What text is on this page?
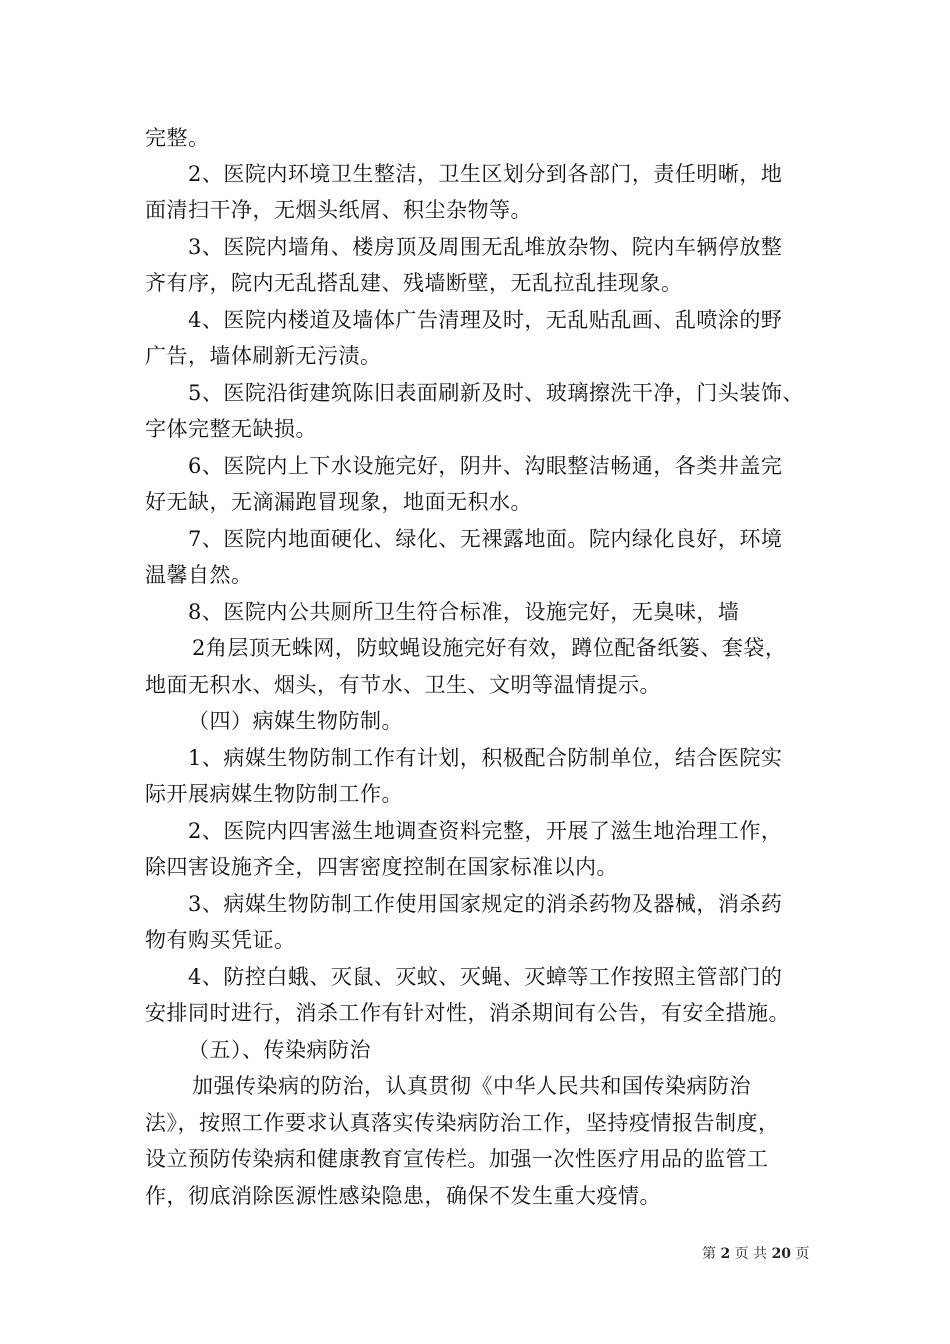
完整。
2、医院内环境卫生整洁，卫生区划分到各部门，责任明晰，地
面清扫干净，无烟头纸屑、积尘杂物等。
3、医院内墙角、楼房顶及周围无乱堆放杂物、院内车辆停放整
齐有序，院内无乱搭乱建、残墙断壁，无乱拉乱挂现象。
4、医院内楼道及墙体广告清理及时，无乱贴乱画、乱喷涂的野
广告，墙体刷新无污渍。
5、医院沿街建筑陈旧表面刷新及时、玻璃擦洗干净，门头装饰、
字体完整无缺损。
6、医院内上下水设施完好，阴井、沟眼整洁畅通，各类井盖完
好无缺，无滴漏跑冒现象，地面无积水。
7、医院内地面硬化、绿化、无裸露地面。院内绿化良好，环境
温馨自然。
8、医院内公共厕所卫生符合标准，设施完好，无臭味，墙
2角层顶无蛛网，防蚊蝇设施完好有效，蹲位配备纸篓、套袋，
地面无积水、烟头，有节水、卫生、文明等温情提示。
（四）病媒生物防制。
1、病媒生物防制工作有计划，积极配合防制单位，结合医院实
际开展病媒生物防制工作。
2、医院内四害滋生地调查资料完整，开展了滋生地治理工作，
除四害设施齐全，四害密度控制在国家标准以内。
3、病媒生物防制工作使用国家规定的消杀药物及器械，消杀药
物有购买凭证。
4、防控白蛾、灭鼠、灭蚊、灭蝇、灭蟑等工作按照主管部门的
安排同时进行，消杀工作有针对性，消杀期间有公告，有安全措施。
（五）、传染病防治
加强传染病的防治，认真贯彻《中华人民共和国传染病防治
法》，按照工作要求认真落实传染病防治工作，坚持疫情报告制度，
设立预防传染病和健康教育宣传栏。加强一次性医疗用品的监管工
作，彻底消除医源性感染隐患，确保不发生重大疫情。
第 2 页 共 20 页
